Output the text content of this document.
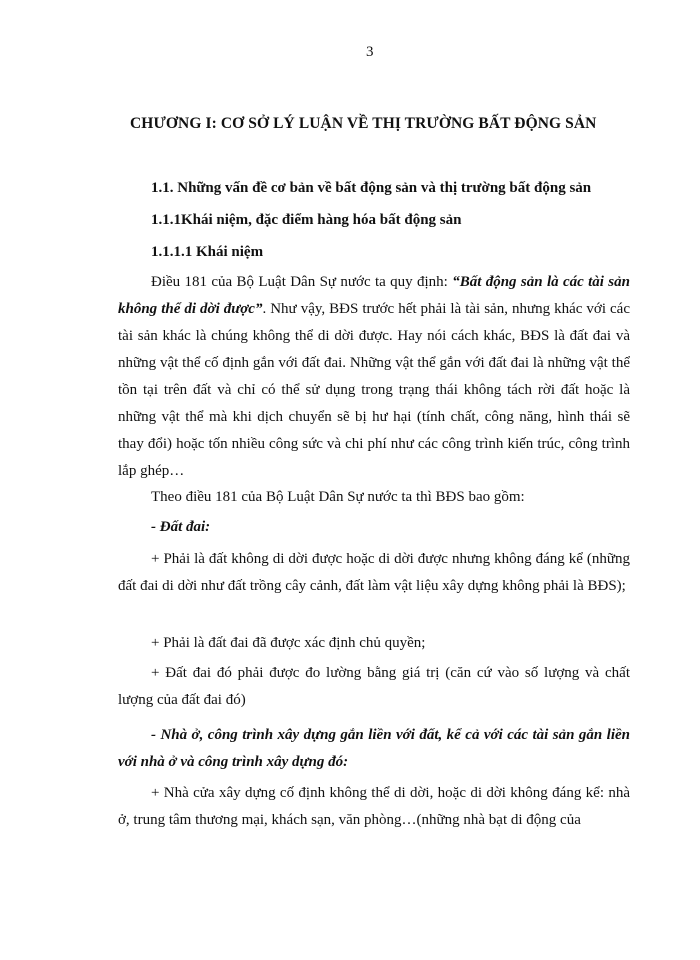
3
CHƯƠNG I: CƠ SỞ LÝ LUẬN VỀ THỊ TRƯỜNG BẤT ĐỘNG SẢN
1.1. Những vấn đề cơ bản về bất động sản và thị trường bất động sản
1.1.1Khái niệm, đặc điểm hàng hóa bất động sản
1.1.1.1 Khái niệm

Điều 181 của Bộ Luật Dân Sự nước ta quy định: “Bất động sản là các tài sản không thể di dời được”. Như vậy, BĐS trước hết phải là tài sản, nhưng khác với các tài sản khác là chúng không thể di dời được. Hay nói cách khác, BĐS là đất đai và những vật thể cố định gắn với đất đai. Những vật thể gắn với đất đai là những vật thể tồn tại trên đất và chỉ có thể sử dụng trong trạng thái không tách rời đất hoặc là những vật thể mà khi dịch chuyển sẽ bị hư hại (tính chất, công năng, hình thái sẽ thay đổi) hoặc tốn nhiều công sức và chi phí như các công trình kiến trúc, công trình lắp ghép…

Theo điều 181 của Bộ Luật Dân Sự nước ta thì BĐS bao gồm:

- Đất đai:

+ Phải là đất không di dời được hoặc di dời được nhưng không đáng kể (những đất đai di dời như đất trồng cây cảnh, đất làm vật liệu xây dựng không phải là BĐS);

+ Phải là đất đai đã được xác định chủ quyền;

+ Đất đai đó phải được đo lường bằng giá trị (căn cứ vào số lượng và chất lượng của đất đai đó)

- Nhà ở, công trình xây dựng gắn liền với đất, kể cả với các tài sản gắn liền với nhà ở và công trình xây dựng đó:

+ Nhà cửa xây dựng cố định không thể di dời, hoặc di dời không đáng kể: nhà ở, trung tâm thương mại, khách sạn, văn phòng…(những nhà bạt di động của
